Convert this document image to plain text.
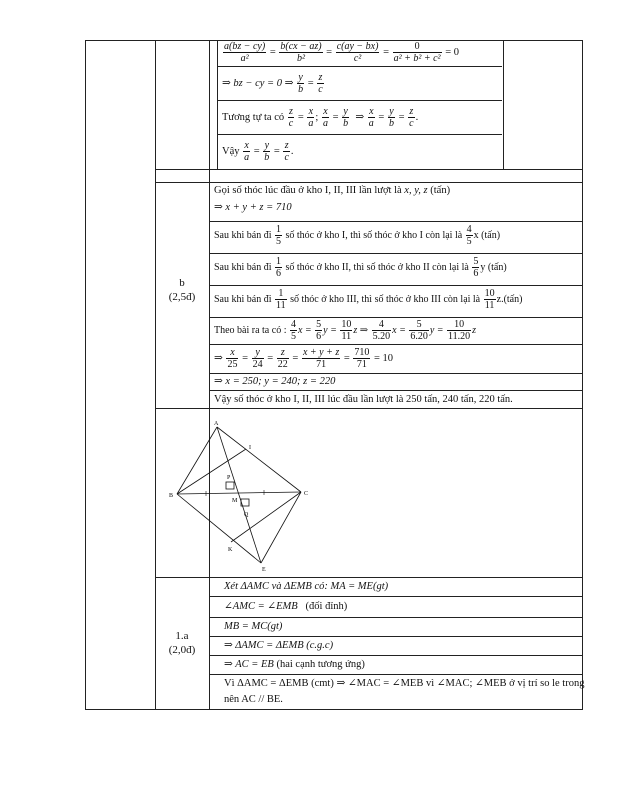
$\frac{a(bz - cy)}{\text{a²}} = \frac{b(cx - az)}{\text{b²}} = \frac{c(ay - bx)}{\text{c²}} = \frac{0}{\text{a² + b² + c²}} = 0$
⇒ bz − cy = 0 ⇒ $\frac{y}{b} = \frac{z}{c}$
Tương tự ta có $\frac{z}{c} = \frac{x}{a}$ ; $\frac{x}{a} = \frac{y}{b}$ ⇒ $\frac{x}{a} = \frac{y}{b} = \frac{z}{c}$ .
Vậy $\frac{x}{a} = \frac{y}{b} = \frac{z}{c}$ .
b
(2,5đ)
Gọi số thóc lúc đầu ở kho I, II, III lần lượt là x, y, z (tấn)
⇒ x + y + z = 710
Sau khi bán đi $\frac{1}{5}$ số thóc ở kho I, thì số thóc ở kho I còn lại là $\frac{4}{5}$ x (tấn)
Sau khi bán đi $\frac{1}{6}$ số thóc ở kho II, thì số thóc ở kho II còn lại là $\frac{5}{6}$ y (tấn)
Sau khi bán đi $\frac{1}{11}$ số thóc ở kho III, thì số thóc ở kho III còn lại là $\frac{10}{11}$ z.(tấn)
Theo bài ra ta có : $\frac{4}{5}$ $x = \frac{5}{6}$ $y = \frac{10}{11}$ z ⇒ $\frac{4}{5.20}$ $x = \frac{5}{6.20}$ $y = \frac{10}{11.20}$ z
⇒ $\frac{x}{25} = \frac{y}{24} = \frac{z}{22} = \frac{x + y + z}{71} = \frac{710}{71} = 10$
⇒ x = 250; y = 240; z = 220
Vậy số thóc ở kho I, II, III lúc đầu lần lượt là 250 tấn, 240 tấn, 220 tấn.
A
B	C
M
I
P
Q
K
E
1.a
(2,0đ)
Xét ΔAMC và ΔEMB có: MA = ME(gt)
∠AMC = ∠EMB (đối đỉnh)
MB = MC(gt)
⇒ ΔAMC = ΔEMB (c.g.c)
⇒ AC = EB (hai cạnh tương ứng)
Vì ΔAMC = ΔEMB (cmt) ⇒ ∠MAC = ∠MEB vì ∠MAC; ∠MEB ở vị trí so le trong
nên AC // BE.
